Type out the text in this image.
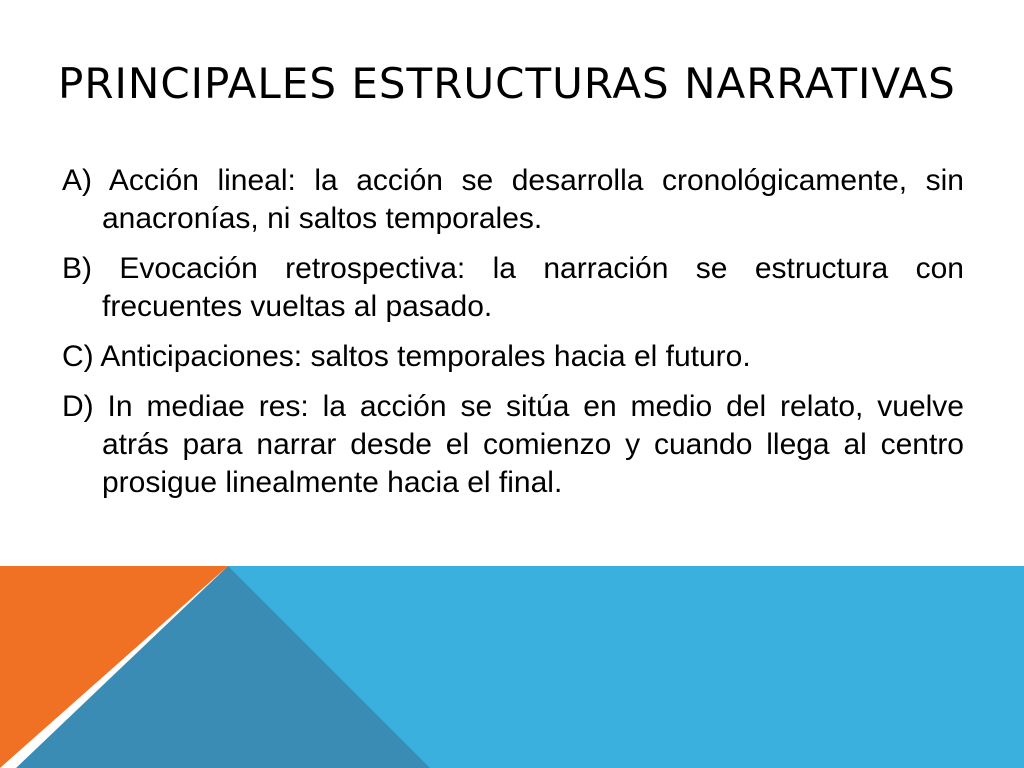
PRINCIPALES ESTRUCTURAS NARRATIVAS

A) Acción lineal: la acción se desarrolla cronológicamente, sin anacronías, ni saltos temporales.

B) Evocación retrospectiva: la narración se estructura con frecuentes vueltas al pasado.

C) Anticipaciones: saltos temporales hacia el futuro.

D) In mediae res: la acción se sitúa en medio del relato, vuelve atrás para narrar desde el comienzo y cuando llega al centro prosigue linealmente hacia el final.
